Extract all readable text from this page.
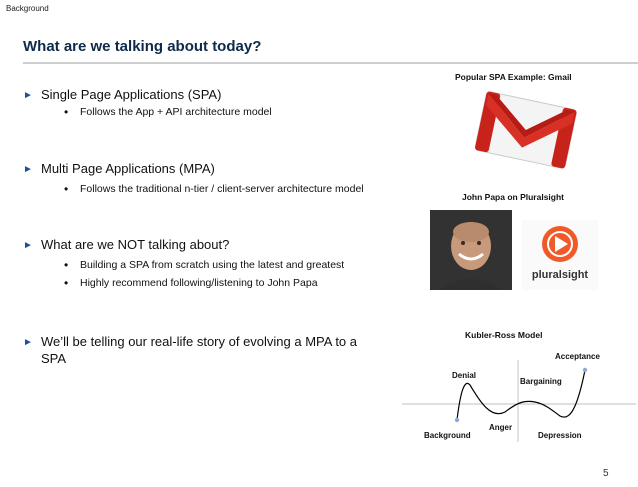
Background
What are we talking about today?
► Single Page Applications (SPA)
•	Follows the App + API architecture model
► Multi Page Applications (MPA)
•	Follows the traditional n-tier / client-server architecture model
► What are we NOT talking about?
•	Building a SPA from scratch using the latest and greatest
•	Highly recommend following/listening to John Papa
► We’ll be telling our real-life story of evolving a MPA to a SPA
Popular SPA Example: Gmail
John Papa on Pluralsight
pluralsight
Kubler-Ross Model
Background
Denial
Anger
Bargaining
Depression
Acceptance
5
